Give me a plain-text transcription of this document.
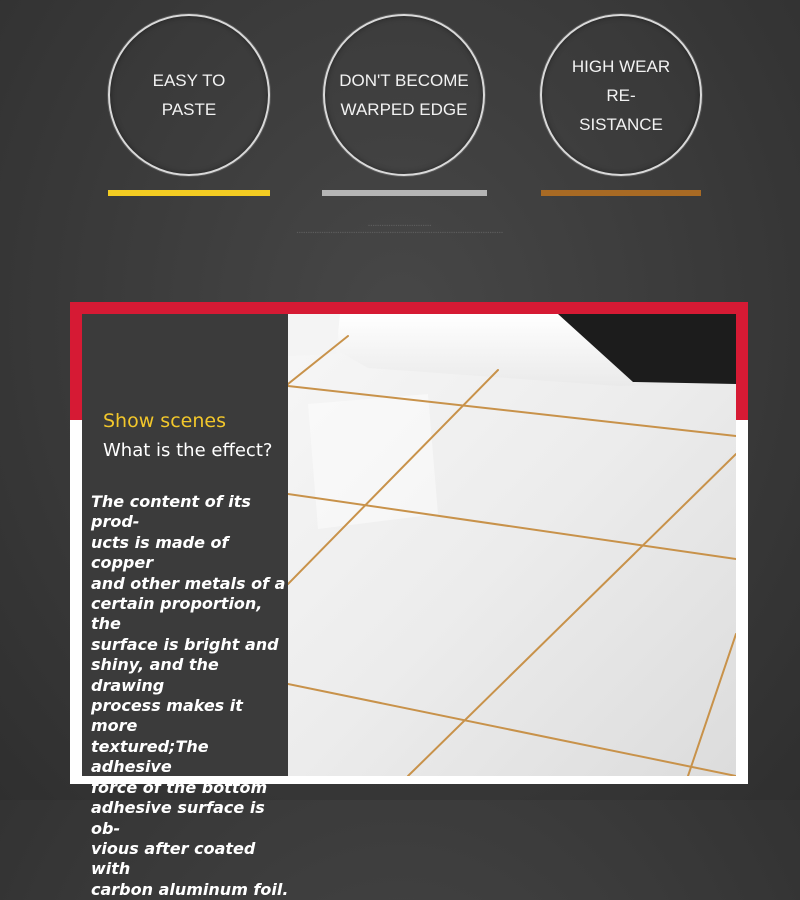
EASY TO PASTE
DON'T BECOME
WARPED EDGE
HIGH WEAR RE-
SISTANCE
▪▪▪▪▪▪▪▪▪▪▪▪▪▪▪▪▪▪▪▪▪▪▪▪▪▪▪▪
▪▪▪▪▪▪▪▪▪▪▪▪▪▪▪▪▪▪▪▪▪▪▪▪▪▪▪▪▪▪▪▪▪▪▪▪▪▪▪▪▪▪▪▪▪▪▪▪▪▪▪▪▪▪▪▪▪▪▪▪▪▪▪▪▪▪▪▪▪▪▪▪▪▪▪▪▪▪▪▪▪▪▪▪▪▪▪▪▪▪▪
Show scenes
What is the effect?
The content of its prod-
ucts is made of copper
and other metals of a
certain proportion, the
surface is bright and
shiny, and the drawing
process makes it more
textured;The adhesive
force of the bottom
adhesive surface is ob-
vious after coated with
carbon aluminum foil.
